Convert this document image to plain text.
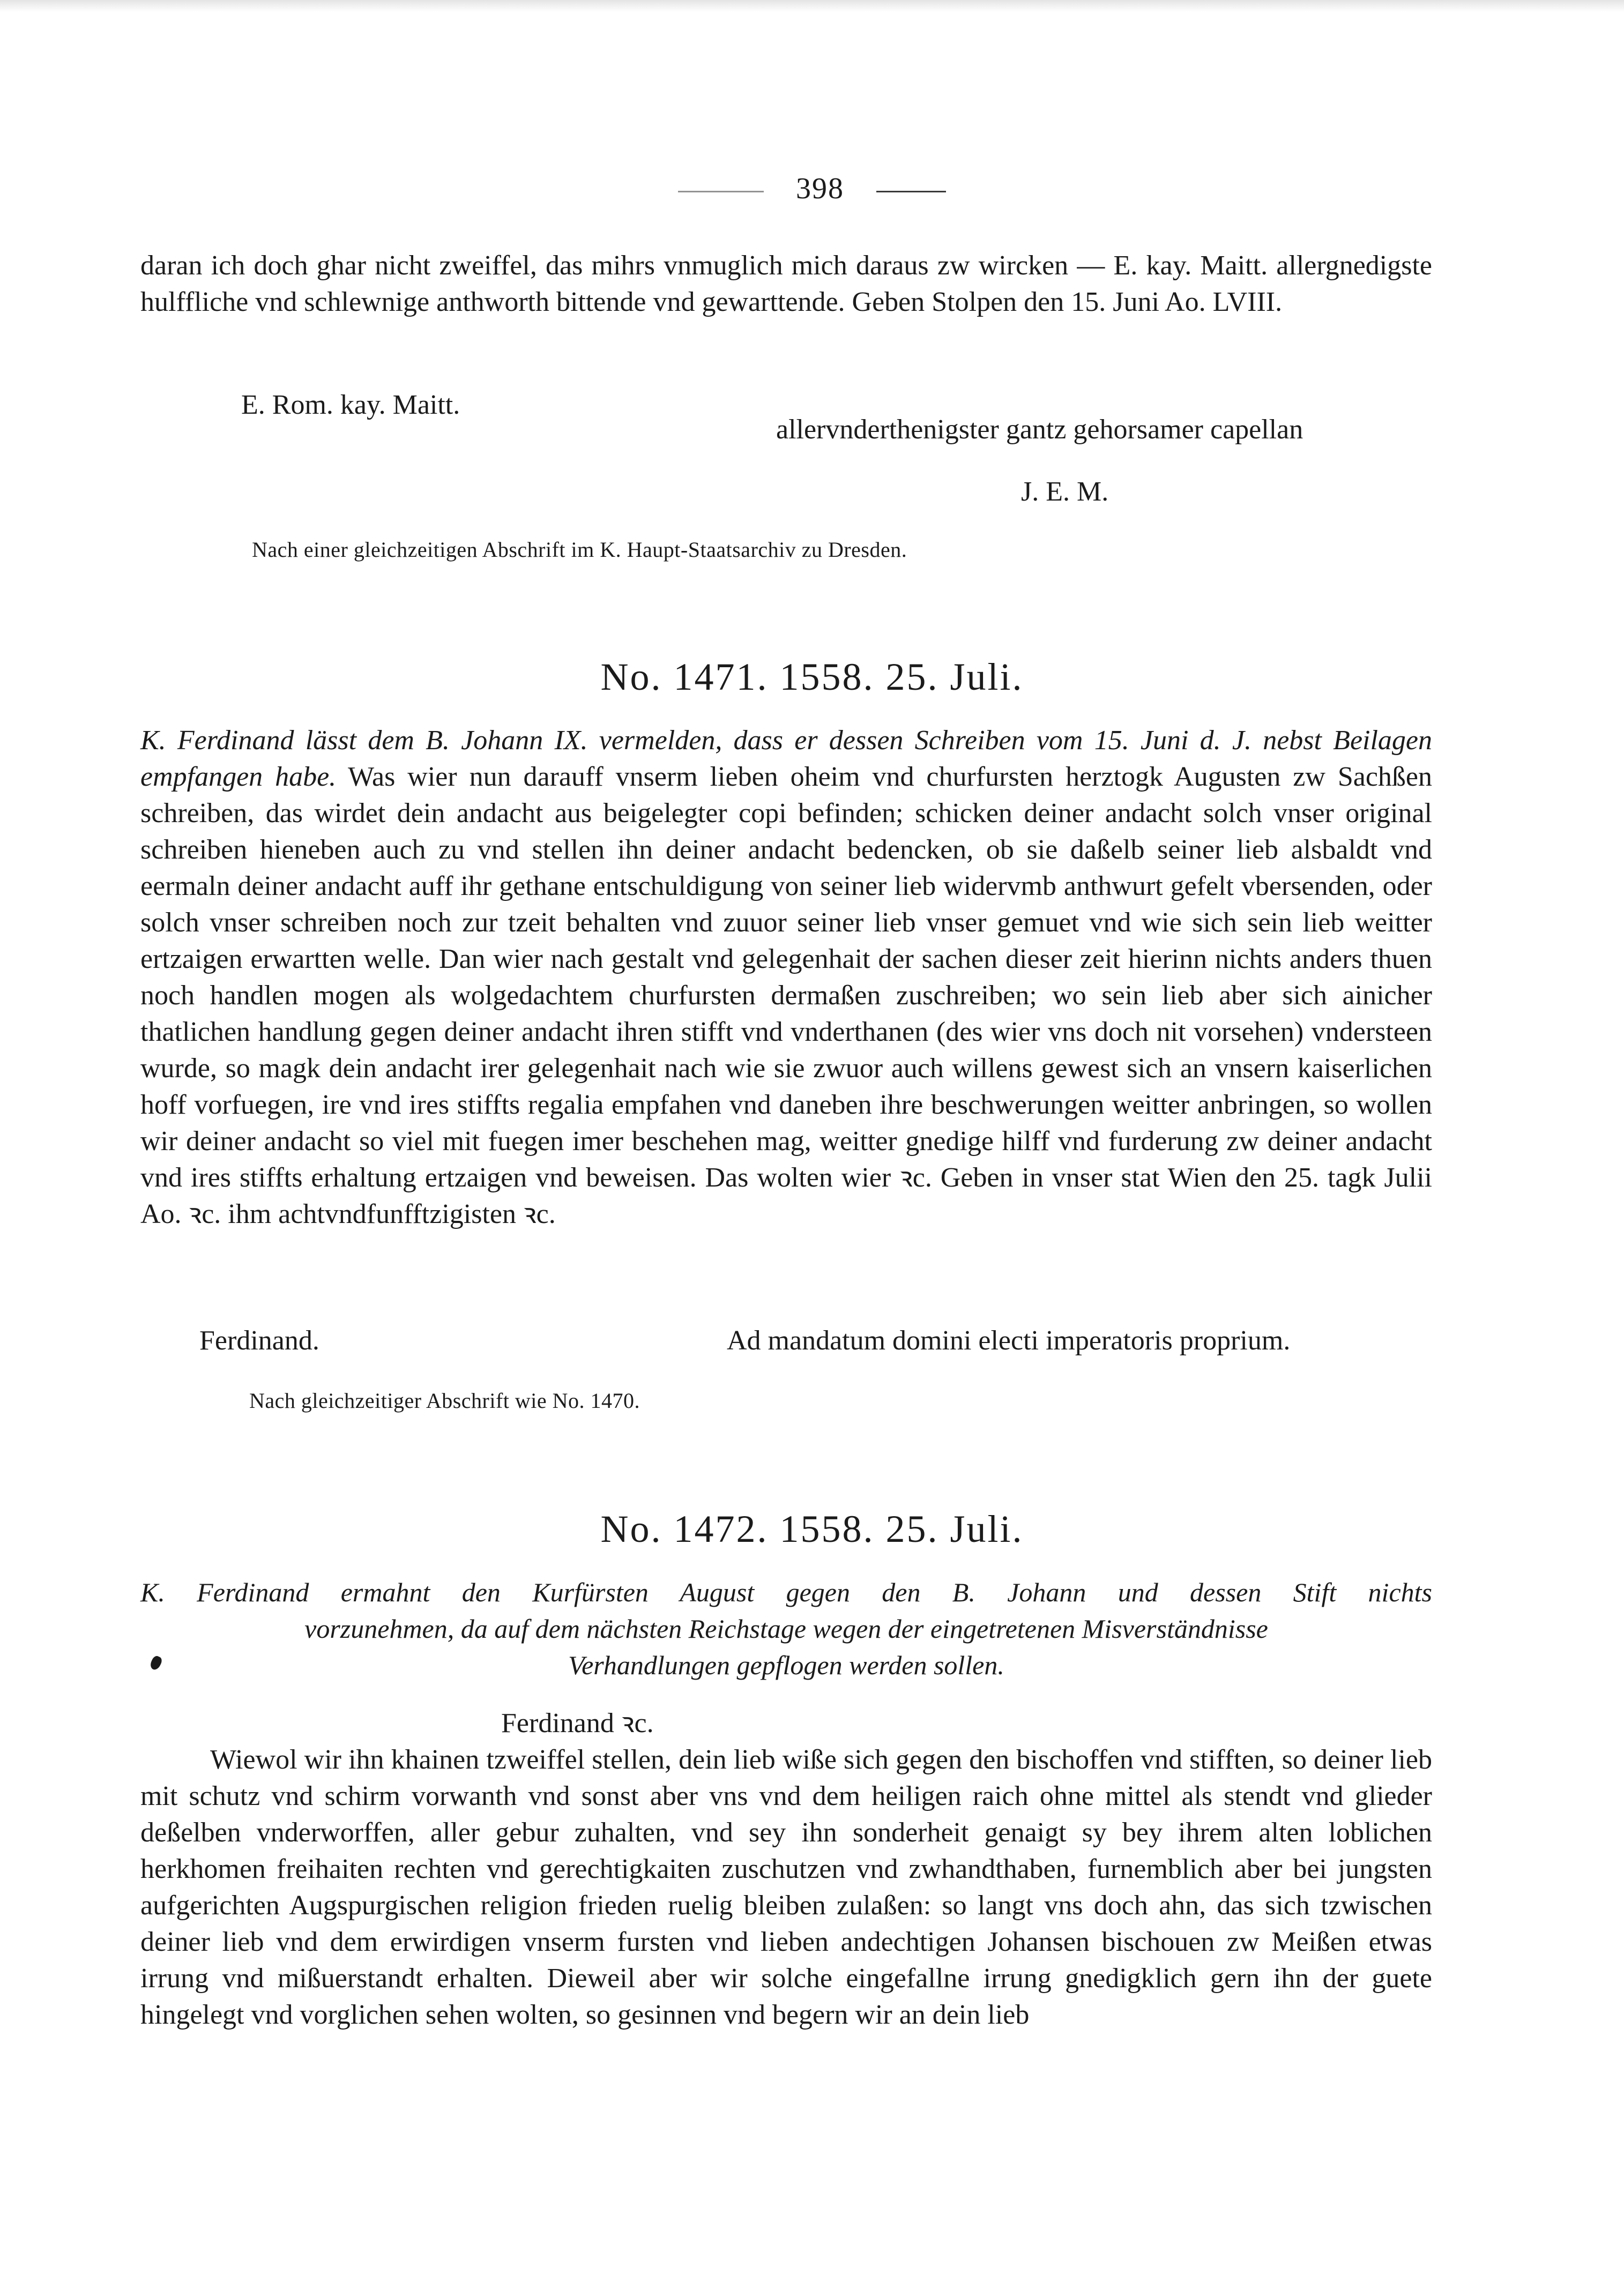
398

daran ich doch ghar nicht zweiffel, das mihrs vnmuglich mich daraus zw wircken — E. kay. Maitt. allergnedigste hulffliche vnd schlewnige anthworth bittende vnd gewarttende. Geben Stolpen den 15. Juni Ao. LVIII.

E. Rom. kay. Maitt.
allervnderthenigster gantz gehorsamer capellan
J. E. M.
Nach einer gleichzeitigen Abschrift im K. Haupt-Staatsarchiv zu Dresden.
No. 1471. 1558. 25. Juli.

K. Ferdinand lässt dem B. Johann IX. vermelden, dass er dessen Schreiben vom 15. Juni d. J. nebst Beilagen empfangen habe. Was wier nun darauff vnserm lieben oheim vnd churfursten herztogk Augusten zw Sachßen schreiben, das wirdet dein andacht aus beigelegter copi befinden; schicken deiner andacht solch vnser original schreiben hieneben auch zu vnd stellen ihn deiner andacht bedencken, ob sie daßelb seiner lieb alsbaldt vnd eermaln deiner andacht auff ihr gethane entschuldigung von seiner lieb widervmb anthwurt gefelt vbersenden, oder solch vnser schreiben noch zur tzeit behalten vnd zuuor seiner lieb vnser gemuet vnd wie sich sein lieb weitter ertzaigen erwartten welle. Dan wier nach gestalt vnd gelegenhait der sachen dieser zeit hierinn nichts anders thuen noch handlen mogen als wolgedachtem churfursten dermaßen zuschreiben; wo sein lieb aber sich ainicher thatlichen handlung gegen deiner andacht ihren stifft vnd vnderthanen (des wier vns doch nit vorsehen) vndersteen wurde, so magk dein andacht irer gelegenhait nach wie sie zwuor auch willens gewest sich an vnsern kaiserlichen hoff vorfuegen, ire vnd ires stiffts regalia empfahen vnd daneben ihre beschwerungen weitter anbringen, so wollen wir deiner andacht so viel mit fuegen imer beschehen mag, weitter gnedige hilff vnd furderung zw deiner andacht vnd ires stiffts erhaltung ertzaigen vnd beweisen. Das wolten wier ꝛc. Geben in vnser stat Wien den 25. tagk Julii Ao. ꝛc. ihm achtvndfunfftzigisten ꝛc.

Ferdinand.	Ad mandatum domini electi imperatoris proprium.
Nach gleichzeitiger Abschrift wie No. 1470.
No. 1472. 1558. 25. Juli.
K. Ferdinand ermahnt den Kurfürsten August gegen den B. Johann und dessen Stift nichts
vorzunehmen, da auf dem nächsten Reichstage wegen der eingetretenen Misverständnisse
Verhandlungen gepflogen werden sollen.
Ferdinand ꝛc.

Wiewol wir ihn khainen tzweiffel stellen, dein lieb wiße sich gegen den bischoffen vnd stifften, so deiner lieb mit schutz vnd schirm vorwanth vnd sonst aber vns vnd dem heiligen raich ohne mittel als stendt vnd glieder deßelben vnderworffen, aller gebur zuhalten, vnd sey ihn sonderheit genaigt sy bey ihrem alten loblichen herkhomen freihaiten rechten vnd gerechtigkaiten zuschutzen vnd zwhandthaben, furnemblich aber bei jungsten aufgerichten Augspurgischen religion frieden ruelig bleiben zulaßen: so langt vns doch ahn, das sich tzwischen deiner lieb vnd dem erwirdigen vnserm fursten vnd lieben andechtigen Johansen bischouen zw Meißen etwas irrung vnd mißuerstandt erhalten. Dieweil aber wir solche eingefallne irrung gnedigklich gern ihn der guete hingelegt vnd vorglichen sehen wolten, so gesinnen vnd begern wir an dein lieb
